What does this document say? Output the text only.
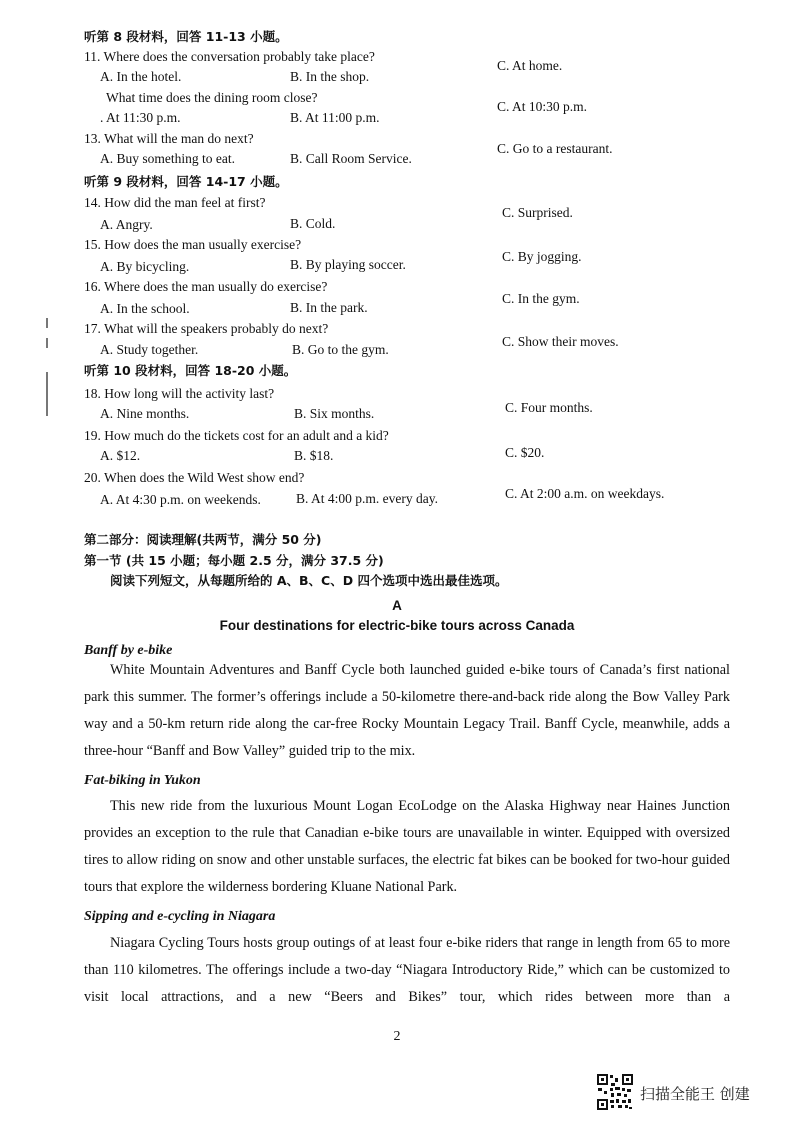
听第 8 段材料，回答 11-13 小题。
11. Where does the conversation probably take place?
A. In the hotel.	B. In the shop.
C. At home.
What time does the dining room close?
. At 11:30 p.m.	B. At 11:00 p.m.
C. At 10:30 p.m.
13. What will the man do next?
A. Buy something to eat.	B. Call Room Service.
C. Go to a restaurant.
听第 9 段材料，回答 14-17 小题。
14. How did the man feel at first?
A. Angry.	B. Cold.
C. Surprised.
15. How does the man usually exercise?
A. By bicycling.	B. By playing soccer.
C. By jogging.
16. Where does the man usually do exercise?
A. In the school.	B. In the park.
C. In the gym.
17. What will the speakers probably do next?
A. Study together.	B. Go to the gym.
C. Show their moves.
听第 10 段材料，回答 18-20 小题。
18. How long will the activity last?
A. Nine months.	B. Six months.	C. Four months.
19. How much do the tickets cost for an adult and a kid?
A. $12.	B. $18.	C. $20.
20. When does the Wild West show end?
A. At 4:30 p.m. on weekends.	B. At 4:00 p.m. every day.	C. At 2:00 a.m. on weekdays.
第二部分：阅读理解(共两节，满分 50 分)
第一节 (共 15 小题；每小题 2.5 分，满分 37.5 分)
阅读下列短文，从每题所给的 A、B、C、D 四个选项中选出最佳选项。
A
Four destinations for electric-bike tours across Canada
Banff by e-bike

White Mountain Adventures and Banff Cycle both launched guided e-bike tours of Canada’s first national park this summer. The former’s offerings include a 50-kilometre there-and-back ride along the Bow Valley Park way and a 50-km return ride along the car-free Rocky Mountain Legacy Trail. Banff Cycle, meanwhile, adds a three-hour “Banff and Bow Valley” guided trip to the mix.

Fat-biking in Yukon

This new ride from the luxurious Mount Logan EcoLodge on the Alaska Highway near Haines Junction provides an exception to the rule that Canadian e-bike tours are unavailable in winter. Equipped with oversized tires to allow riding on snow and other unstable surfaces, the electric fat bikes can be booked for two-hour guided tours that explore the wilderness bordering Kluane National Park.

Sipping and e-cycling in Niagara

Niagara Cycling Tours hosts group outings of at least four e-bike riders that range in length from 65 to more than 110 kilometres. The offerings include a two-day “Niagara Introductory Ride,” which can be customized to visit local attractions, and a new “Beers and Bikes” tour, which rides between more than a

2
扫描全能王 创建
